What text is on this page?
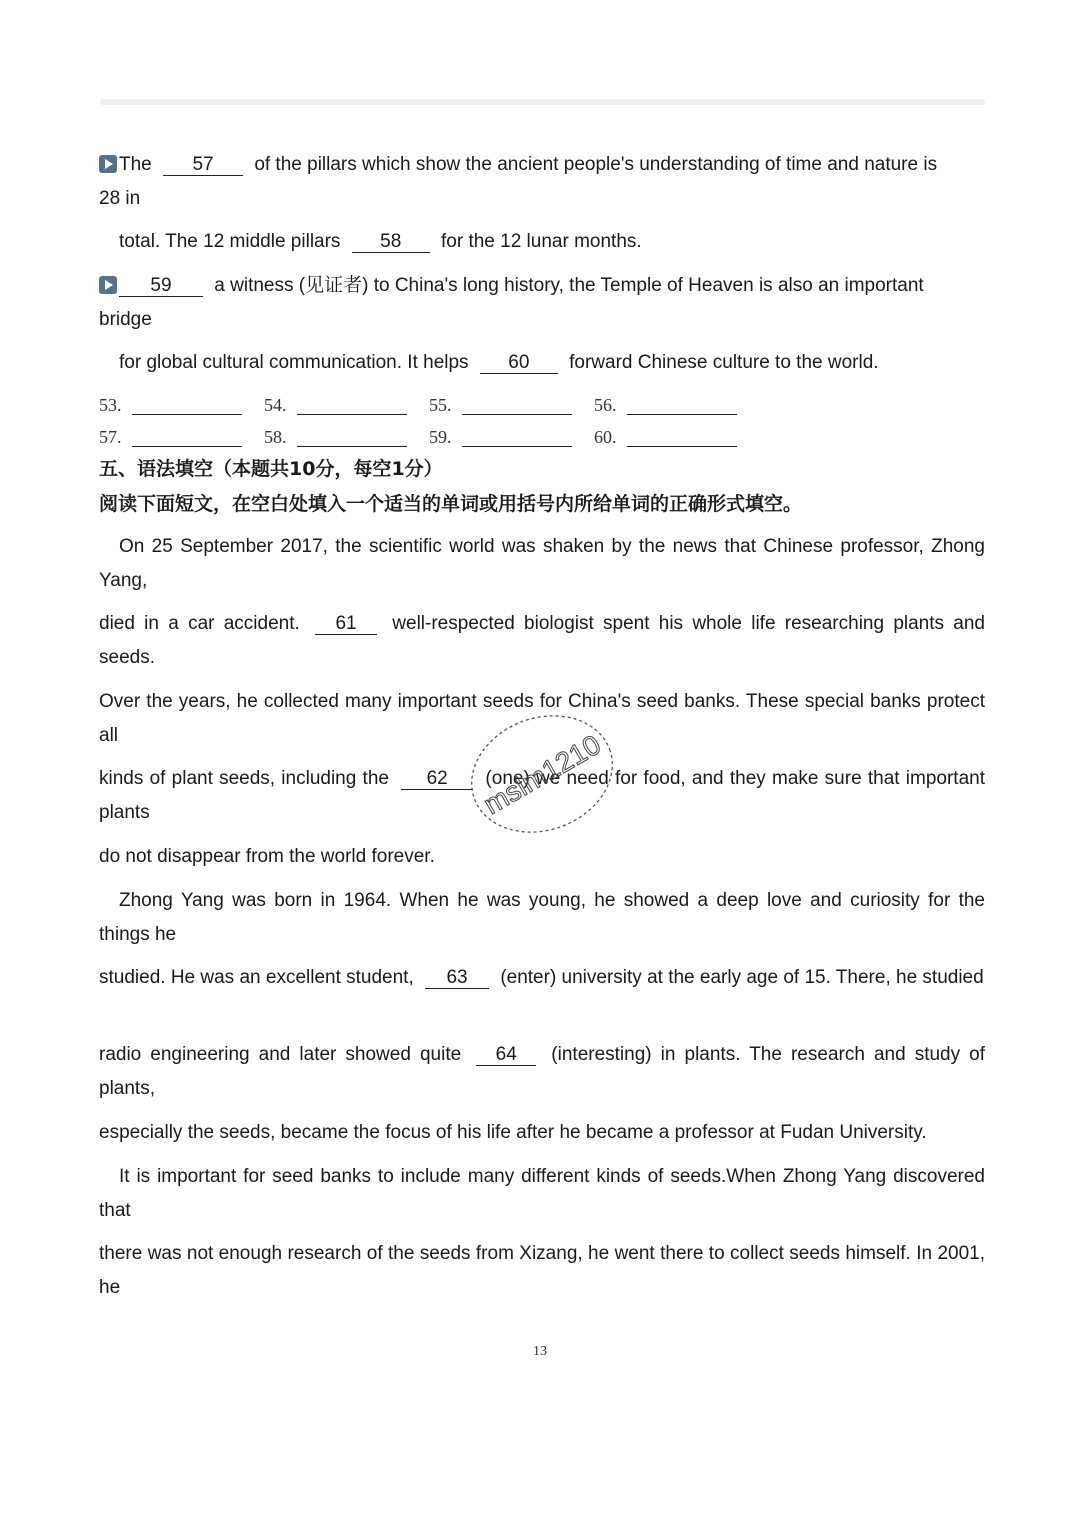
The 57 of the pillars which show the ancient people's understanding of time and nature is
28 in

total. The 12 middle pillars 58 for the 12 lunar months.

59 a witness (见证者) to China's long history, the Temple of Heaven is also an important
bridge

for global cultural communication. It helps 60 forward Chinese culture to the world.
53.	54.	55.	56.
57.	58.	59.	60.
五、语法填空（本题共10分，每空1分）
阅读下面短文，在空白处填入一个适当的单词或用括号内所给单词的正确形式填空。

On 25 September 2017, the scientific world was shaken by the news that Chinese professor, Zhong Yang,

died in a car accident. 61 well-respected biologist spent his whole life researching plants and seeds.

Over the years, he collected many important seeds for China's seed banks. These special banks protect all

kinds of plant seeds, including the 62 (one) we need for food, and they make sure that important plants

do not disappear from the world forever.

Zhong Yang was born in 1964. When he was young, he showed a deep love and curiosity for the things he

studied. He was an excellent student, 63 (enter) university at the early age of 15. There, he studied

radio engineering and later showed quite 64 (interesting) in plants. The research and study of plants,

especially the seeds, became the focus of his life after he became a professor at Fudan University.

It is important for seed banks to include many different kinds of seeds.When Zhong Yang discovered that

there was not enough research of the seeds from Xizang, he went there to collect seeds himself. In 2001, he

mslm1210
13
